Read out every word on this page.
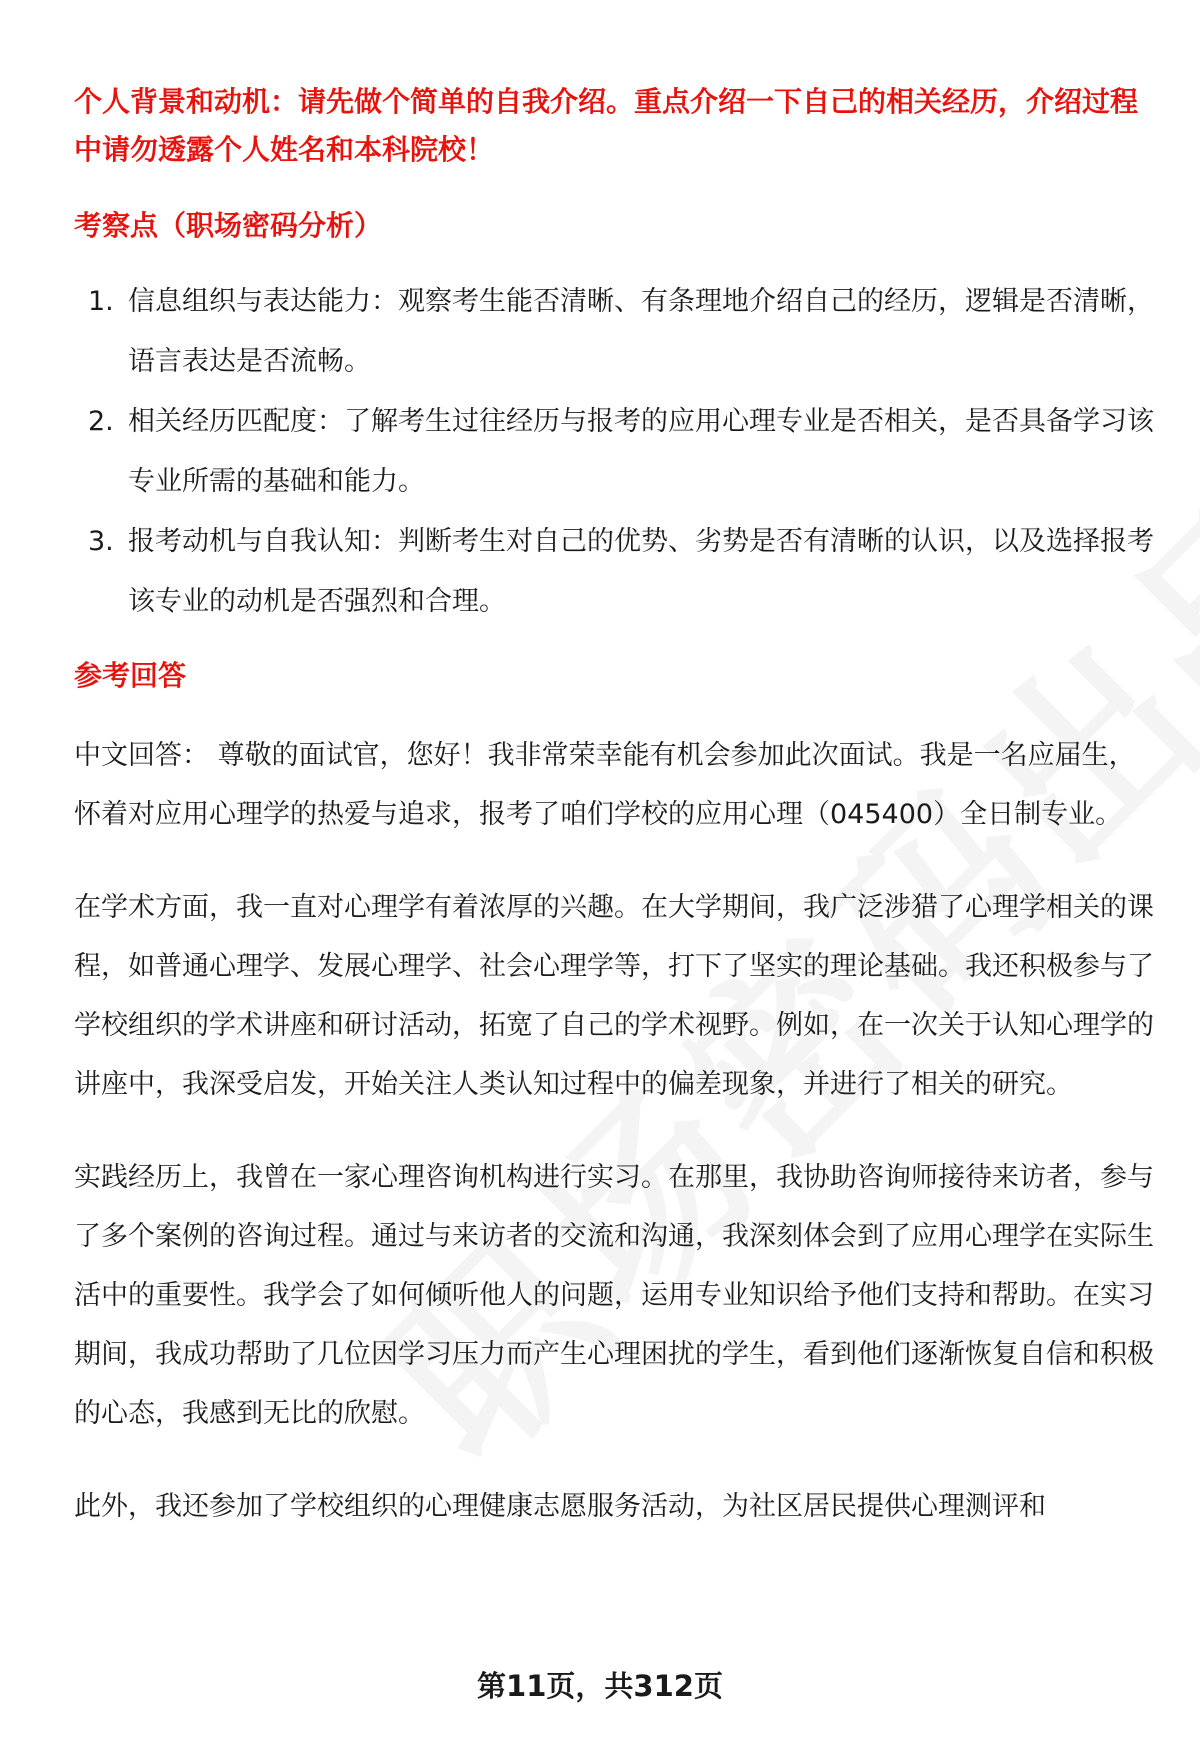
个人背景和动机：请先做个简单的自我介绍。重点介绍一下自己的相关经历，介绍过程中请勿透露个人姓名和本科院校！

考察点（职场密码分析）

1. 信息组织与表达能力：观察考生能否清晰、有条理地介绍自己的经历，逻辑是否清晰，语言表达是否流畅。
2. 相关经历匹配度：了解考生过往经历与报考的应用心理专业是否相关，是否具备学习该专业所需的基础和能力。
3. 报考动机与自我认知：判断考生对自己的优势、劣势是否有清晰的认识，以及选择报考该专业的动机是否强烈和合理。

参考回答

中文回答： 尊敬的面试官，您好！我非常荣幸能有机会参加此次面试。我是一名应届生，怀着对应用心理学的热爱与追求，报考了咱们学校的应用心理（045400）全日制专业。

在学术方面，我一直对心理学有着浓厚的兴趣。在大学期间，我广泛涉猎了心理学相关的课程，如普通心理学、发展心理学、社会心理学等，打下了坚实的理论基础。我还积极参与了学校组织的学术讲座和研讨活动，拓宽了自己的学术视野。例如，在一次关于认知心理学的讲座中，我深受启发，开始关注人类认知过程中的偏差现象，并进行了相关的研究。

实践经历上，我曾在一家心理咨询机构进行实习。在那里，我协助咨询师接待来访者，参与了多个案例的咨询过程。通过与来访者的交流和沟通，我深刻体会到了应用心理学在实际生活中的重要性。我学会了如何倾听他人的问题，运用专业知识给予他们支持和帮助。在实习期间，我成功帮助了几位因学习压力而产生心理困扰的学生，看到他们逐渐恢复自信和积极的心态，我感到无比的欣慰。

此外，我还参加了学校组织的心理健康志愿服务活动，为社区居民提供心理测评和

第11页，共312页
